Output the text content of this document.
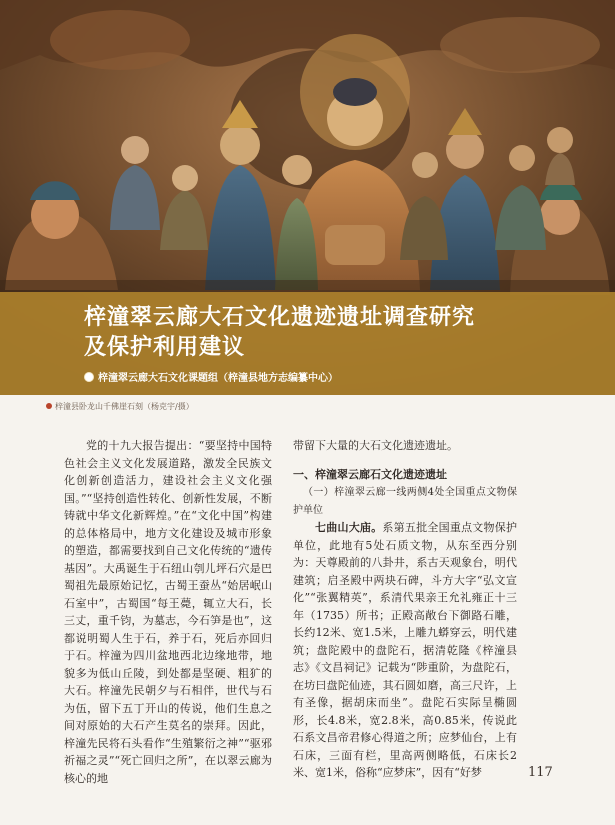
梓潼翠云廊大石文化遗迹遗址调查研究
及保护利用建议
梓潼翠云廊大石文化课题组（梓潼县地方志编纂中心）
梓潼县卧龙山千佛崖石刻（杨克宇/摄）

党的十九大报告提出：“要坚持中国特色社会主义文化发展道路，激发全民族文化创新创造活力，建设社会主义文化强国。”“坚持创造性转化、创新性发展，不断铸就中华文化新辉煌。”在“文化中国”构建的总体格局中，地方文化建设及城市形象的塑造，都需要找到自己文化传统的“遗传基因”。大禹诞生于石纽山刳儿坪石穴是巴蜀祖先最原始记忆，古蜀王蚕丛“始居岷山石室中”，古蜀国“每王薨，辄立大石，长三丈，重千钧，为墓志，今石笋是也”，这都说明蜀人生于石，养于石，死后亦回归于石。梓潼为四川盆地西北边缘地带，地貌多为低山丘陵，到处都是坚硬、粗犷的大石。梓潼先民朝夕与石相伴，世代与石为伍，留下五丁开山的传说，他们生息之间对原始的大石产生莫名的崇拜。因此，梓潼先民将石头看作“生殖繁衍之神”“驱邪祈福之灵”“死亡回归之所”，在以翠云廊为核心的地

带留下大量的大石文化遗迹遗址。

一、梓潼翠云廊石文化遗迹遗址

（一）梓潼翠云廊一线两侧4处全国重点文物保护单位

七曲山大庙。系第五批全国重点文物保护单位，此地有5处石质文物，从东至西分别为：天尊殿前的八卦井，系古天观象台，明代建筑；启圣殿中两块石碑，斗方大字“弘文宣化”“张翼精英”，系清代果亲王允礼雍正十三年（1735）所书；正殿高敞台下御路石雕，长约12米、宽1.5米，上雕九蟒穿云，明代建筑；盘陀殿中的盘陀石，据清乾隆《梓潼县志》《文昌祠记》记载为“陟重阶，为盘陀石，在坊曰盘陀仙迹，其石圆如磨，高三尺许，上有圣像，据胡床而坐”。盘陀石实际呈椭圆形，长4.8米，宽2.8米，高0.85米，传说此石系文昌帝君修心得道之所；应梦仙台，上有石床，三面有栏，里高两侧略低，石床长2米、宽1米，俗称“应梦床”，因有“好梦	117
